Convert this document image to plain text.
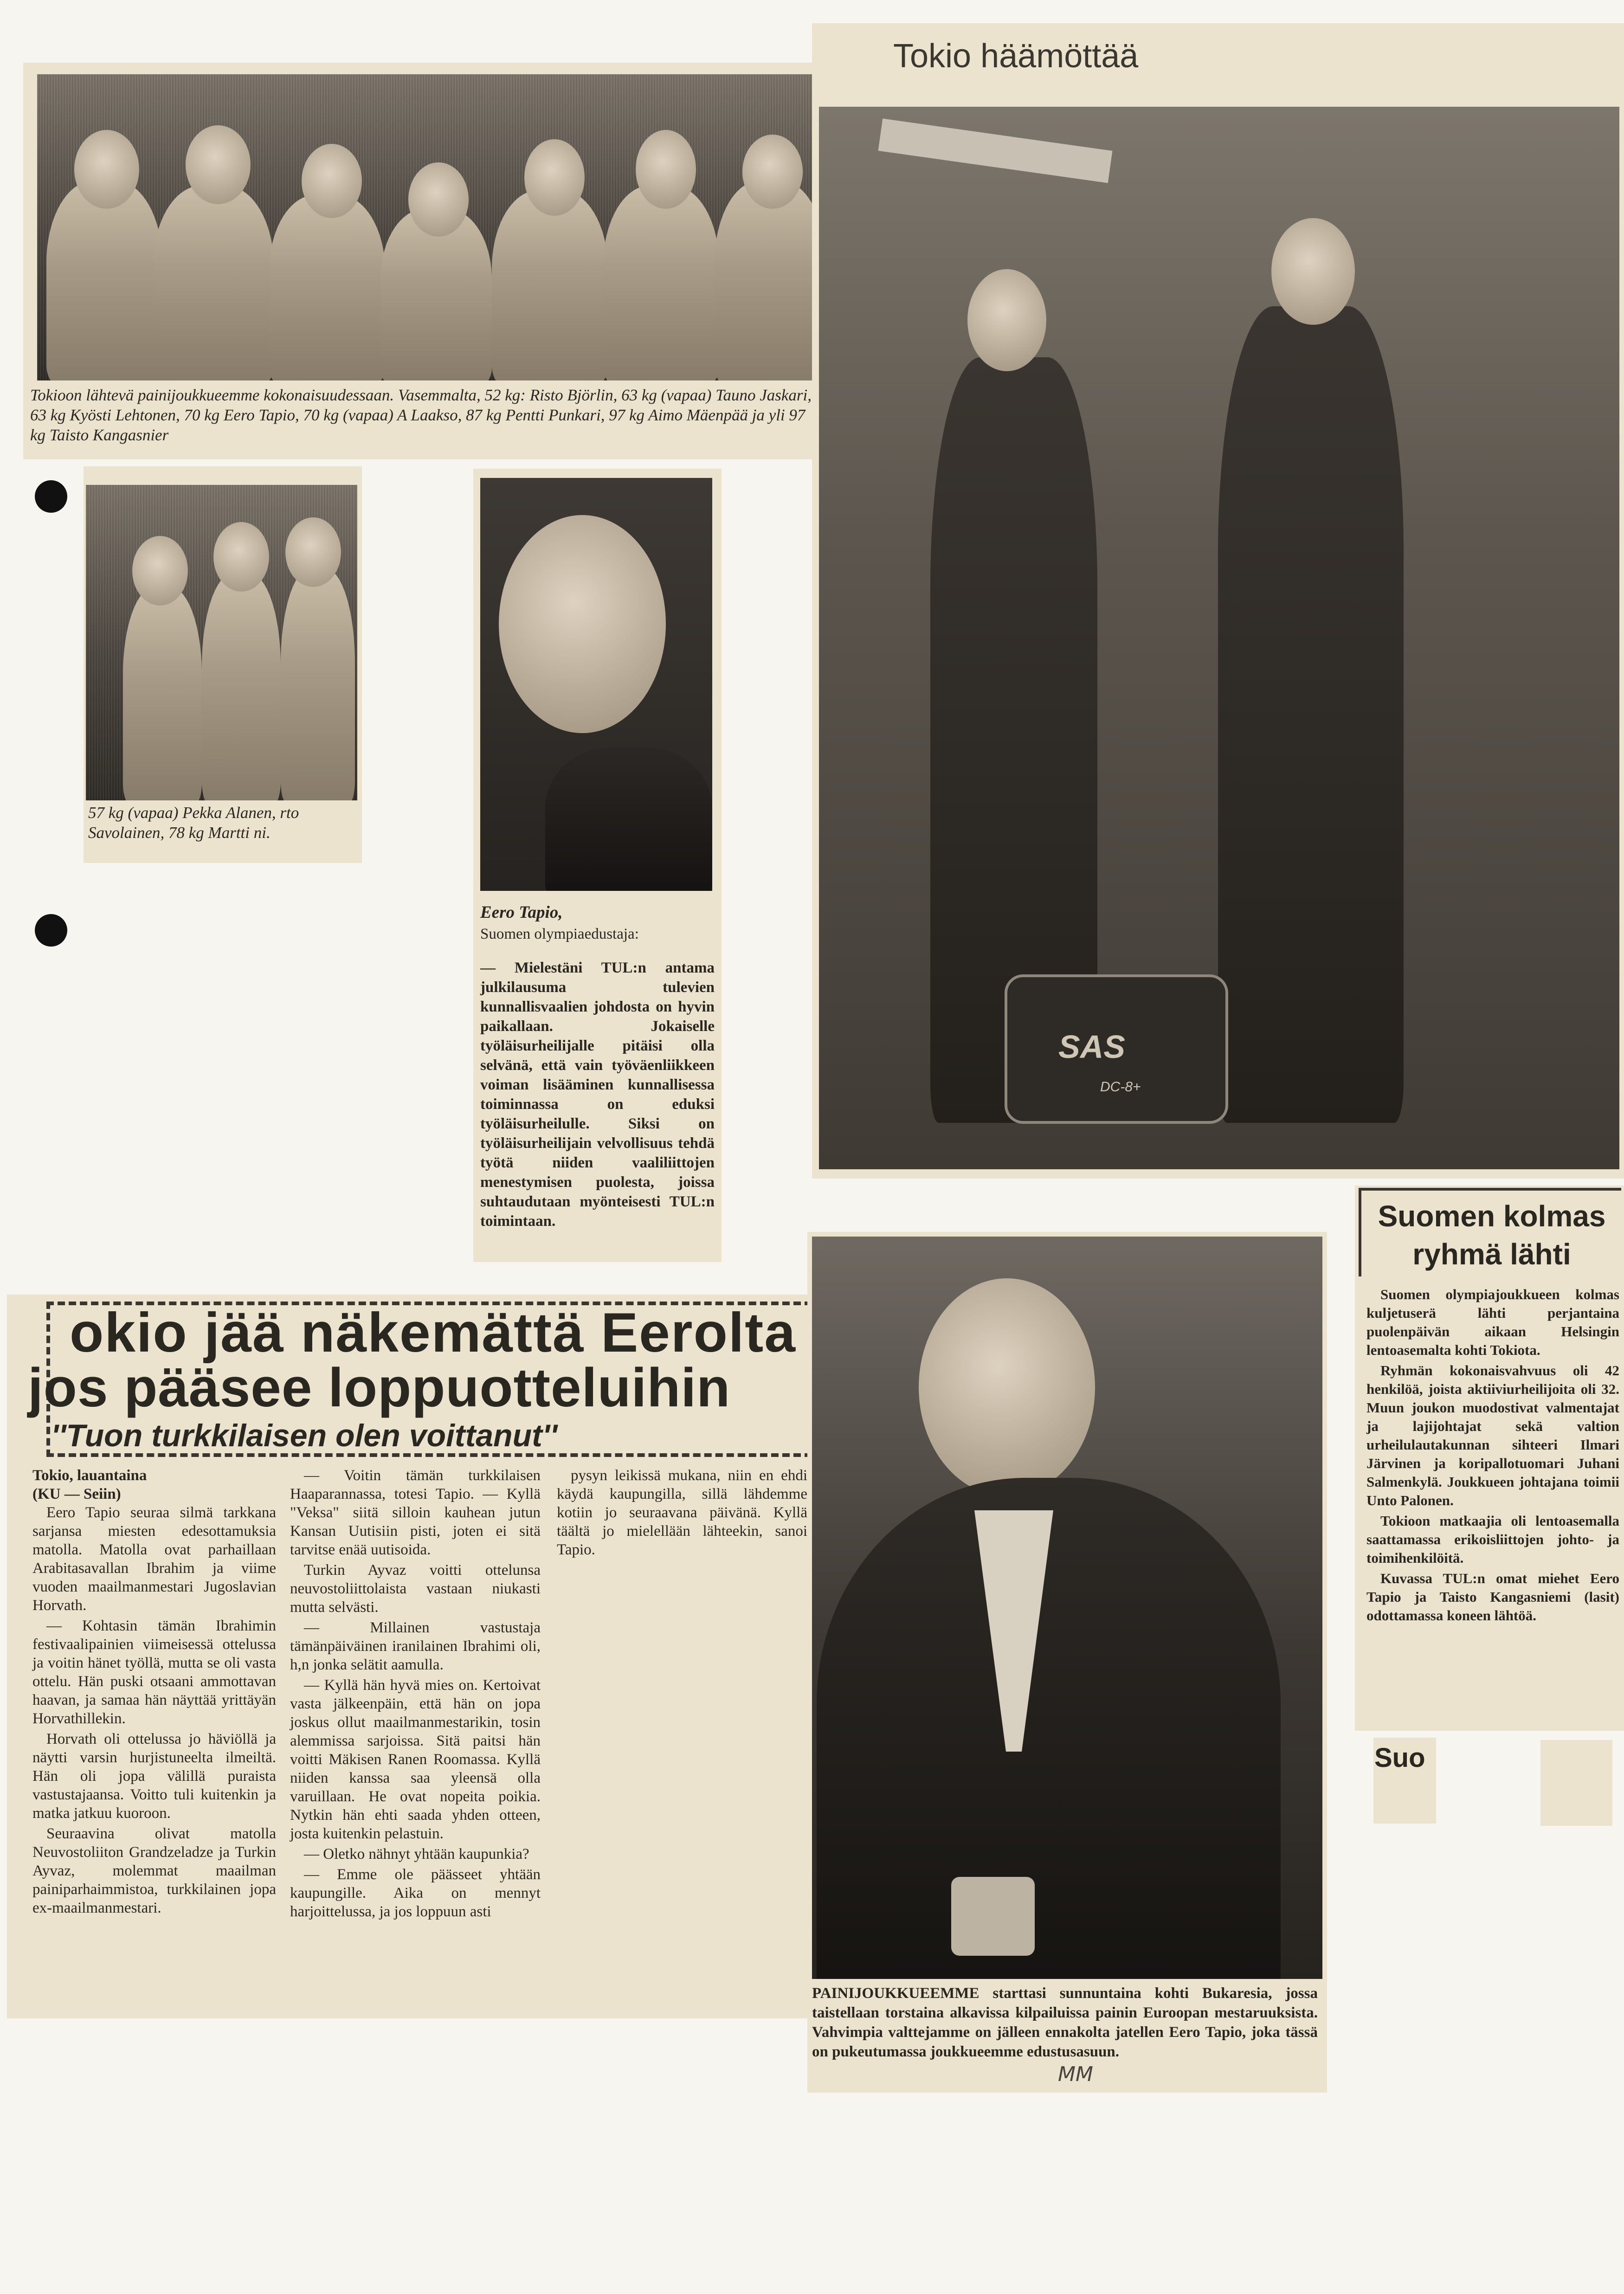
Tokioon lähtevä painijoukkueemme kokonaisuudessaan. Vasemmalta, 52 kg: Risto Björlin, 63 kg (vapaa) Tauno Jaskari, 63 kg Kyösti Lehtonen, 70 kg Eero Tapio, 70 kg (vapaa) A Laakso, 87 kg Pentti Punkari, 97 kg Aimo Mäenpää ja yli 97 kg Taisto Kangasnier
57 kg (vapaa) Pekka Alanen, rto Savolainen, 78 kg Martti ni.
Eero Tapio,
Suomen olympiaedustaja:
— Mielestäni TUL:n antama julkilausuma tulevien kunnallisvaalien johdosta on hyvin paikallaan. Jokaiselle työläisurheilijalle pitäisi olla selvänä, että vain työväenliikkeen voiman lisääminen kunnallisessa toiminnassa on eduksi työläisurheilulle. Siksi on työläisurheilijain velvollisuus tehdä työtä niiden vaaliliittojen menestymisen puolesta, joissa suhtaudutaan myönteisesti TUL:n toimintaan.
Tokio häämöttää
SAS
DC-8+
okio jää näkemättä Eerolta
jos pääsee loppuotteluihin
''Tuon turkkilaisen olen voittanut''
Tokio, lauantaina
(KU — Seiin)

Eero Tapio seuraa silmä tarkkana sarjansa miesten edesottamuksia matolla. Matolla ovat parhaillaan Arabitasavallan Ibrahim ja viime vuoden maailmanmestari Jugoslavian Horvath.

— Kohtasin tämän Ibrahimin festivaalipainien viimeisessä ottelussa ja voitin hänet työllä, mutta se oli vasta ottelu. Hän puski otsaani ammottavan haavan, ja samaa hän näyttää yrittäyän Horvathillekin.

Horvath oli ottelussa jo häviöllä ja näytti varsin hurjistuneelta ilmeiltä. Hän oli jopa välillä puraista vastustajaansa. Voitto tuli kuitenkin ja matka jatkuu kuoroon.

Seuraavina olivat matolla Neuvostoliiton Grandzeladze ja Turkin Ayvaz, molemmat maailman painiparhaimmistoa, turkkilainen jopa ex-maailmanmestari.

— Voitin tämän turkkilaisen Haaparannassa, totesi Tapio. — Kyllä "Veksa" siitä silloin kauhean jutun Kansan Uutisiin pisti, joten ei sitä tarvitse enää uutisoida.

Turkin Ayvaz voitti ottelunsa neuvostoliittolaista vastaan niukasti mutta selvästi.

— Millainen vastustaja tämänpäiväinen iranilainen Ibrahimi oli, h,n jonka selätit aamulla.

— Kyllä hän hyvä mies on. Kertoivat vasta jälkeenpäin, että hän on jopa joskus ollut maailmanmestarikin, tosin alemmissa sarjoissa. Sitä paitsi hän voitti Mäkisen Ranen Roomassa. Kyllä niiden kanssa saa yleensä olla varuillaan. He ovat nopeita poikia. Nytkin hän ehti saada yhden otteen, josta kuitenkin pelastuin.

— Oletko nähnyt yhtään kaupunkia?

— Emme ole päässeet yhtään kaupungille. Aika on mennyt harjoittelussa, ja jos loppuun asti

pysyn leikissä mukana, niin en ehdi käydä kaupungilla, sillä lähdemme kotiin jo seuraavana päivänä. Kyllä täältä jo mielellään lähteekin, sanoi Tapio.

PAINIJOUKKUEEMME starttasi sunnuntaina kohti Bukaresia, jossa taistellaan torstaina alkavissa kilpailuissa painin Euroopan mestaruuksista. Vahvimpia valttejamme on jälleen ennakolta jatellen Eero Tapio, joka tässä on pukeutumassa joukkueemme edustusasuun.
MM
Suomen kolmas ryhmä lähti

Suomen olympiajoukkueen kolmas kuljetuserä lähti perjantaina puolenpäivän aikaan Helsingin lentoasemalta kohti Tokiota.

Ryhmän kokonaisvahvuus oli 42 henkilöä, joista aktiiviurheilijoita oli 32. Muun joukon muodostivat valmentajat ja lajijohtajat sekä valtion urheilulautakunnan sihteeri Ilmari Järvinen ja koripallotuomari Juhani Salmenkylä. Joukkueen johtajana toimii Unto Palonen.

Tokioon matkaajia oli lentoasemalla saattamassa erikoisliittojen johto- ja toimihenkilöitä.

Kuvassa TUL:n omat miehet Eero Tapio ja Taisto Kangasniemi (lasit) odottamassa koneen lähtöä.

Suo
